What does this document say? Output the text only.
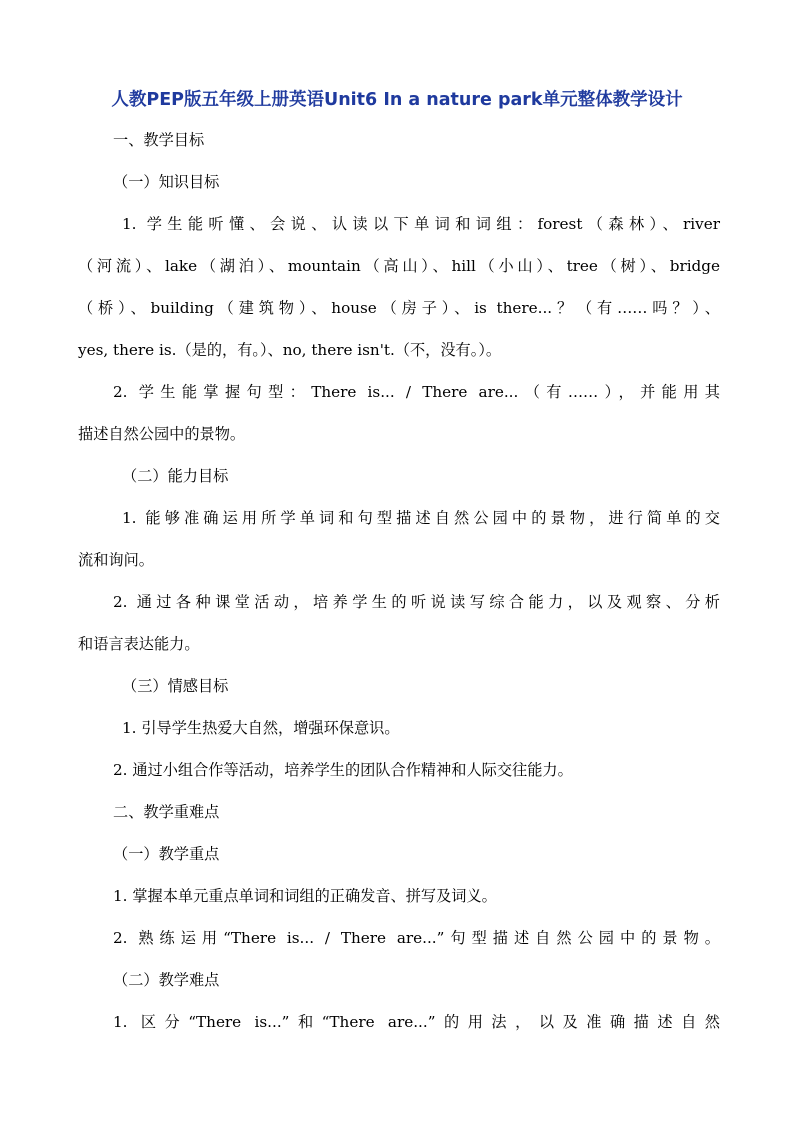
人教PEP版五年级上册英语Unit6 In a nature park单元整体教学设计
一、教学目标
（一）知识目标
1. 学生能听懂、会说、认读以下单词和词组：forest（森林）、river
（河流）、lake（湖泊）、mountain（高山）、hill（小山）、tree（树）、bridge
（桥）、building（建筑物）、house（房子）、is there...？（有……吗？）、
yes, there is.（是的，有。）、no, there isn't.（不，没有。）。
2. 学生能掌握句型：There is... / There are...（有……），并能用其
描述自然公园中的景物。
（二）能力目标
1. 能够准确运用所学单词和句型描述自然公园中的景物，进行简单的交
流和询问。
2. 通过各种课堂活动，培养学生的听说读写综合能力，以及观察、分析
和语言表达能力。
（三）情感目标
1. 引导学生热爱大自然，增强环保意识。
2. 通过小组合作等活动，培养学生的团队合作精神和人际交往能力。
二、教学重难点
（一）教学重点
1. 掌握本单元重点单词和词组的正确发音、拼写及词义。
2. 熟练运用“There is... / There are...”句型描述自然公园中的景物。
（二）教学难点
1. 区分“There is...”和“There are...”的用法，以及准确描述自然
